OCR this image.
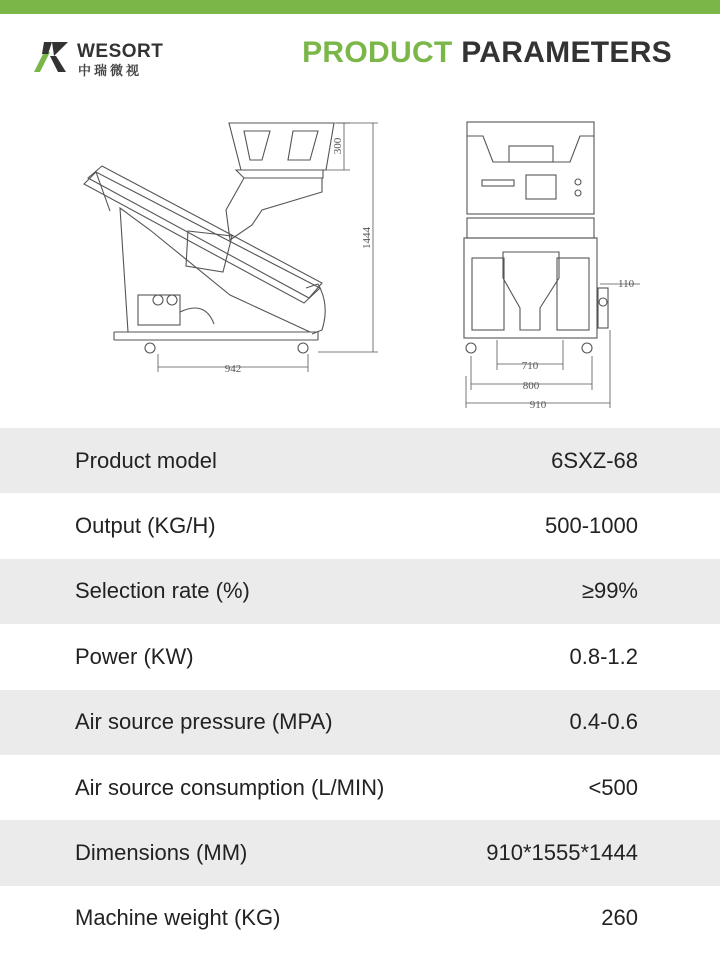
WESORT
中瑞微视
PRODUCT PARAMETERS
300
1444
942
110
710
800
910
Product model	6SXZ-68
Output (KG/H)	500-1000
Selection rate (%)	≥99%
Power (KW)	0.8-1.2
Air source pressure (MPA)	0.4-0.6
Air source consumption (L/MIN)	<500
Dimensions (MM)	910*1555*1444
Machine weight (KG)	260
